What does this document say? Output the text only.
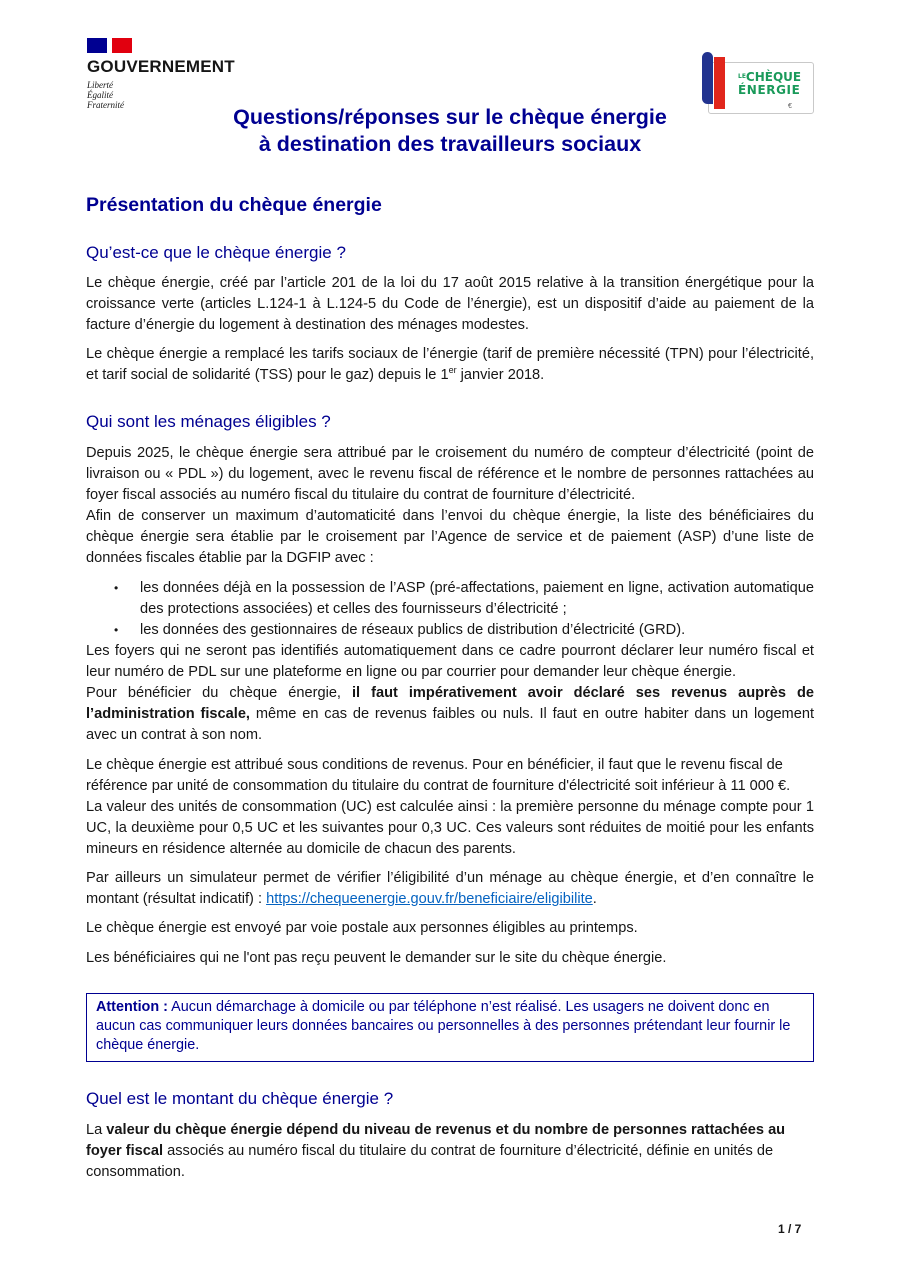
GOUVERNEMENT
Liberté
Égalité
Fraternité
LECHÈQUE
ÉNERGIE
€
Questions/réponses sur le chèque énergie
à destination des travailleurs sociaux
Présentation du chèque énergie
Qu’est-ce que le chèque énergie ?

Le chèque énergie, créé par l’article 201 de la loi du 17 août 2015 relative à la transition énergétique pour la croissance verte (articles L.124-1 à L.124-5 du Code de l’énergie), est un dispositif d’aide au paiement de la facture d’énergie du logement à destination des ménages modestes.

Le chèque énergie a remplacé les tarifs sociaux de l’énergie (tarif de première nécessité (TPN) pour l’électricité, et tarif social de solidarité (TSS) pour le gaz) depuis le 1er janvier 2018.

Qui sont les ménages éligibles ?

Depuis 2025, le chèque énergie sera attribué par le croisement du numéro de compteur d’électricité (point de livraison ou « PDL ») du logement, avec le revenu fiscal de référence et le nombre de personnes rattachées au foyer fiscal associés au numéro fiscal du titulaire du contrat de fourniture d’électricité.

Afin de conserver un maximum d’automaticité dans l’envoi du chèque énergie, la liste des bénéficiaires du chèque énergie sera établie par le croisement par l’Agence de service et de paiement (ASP) d’une liste de données fiscales établie par la DGFIP avec :

• les données déjà en la possession de l’ASP (pré-affectations, paiement en ligne, activation automatique des protections associées) et celles des fournisseurs d’électricité ;
• les données des gestionnaires de réseaux publics de distribution d’électricité (GRD).

Les foyers qui ne seront pas identifiés automatiquement dans ce cadre pourront déclarer leur numéro fiscal et leur numéro de PDL sur une plateforme en ligne ou par courrier pour demander leur chèque énergie.

Pour bénéficier du chèque énergie, il faut impérativement avoir déclaré ses revenus auprès de l’administration fiscale, même en cas de revenus faibles ou nuls. Il faut en outre habiter dans un logement avec un contrat à son nom.

Le chèque énergie est attribué sous conditions de revenus. Pour en bénéficier, il faut que le revenu fiscal de référence par unité de consommation du titulaire du contrat de fourniture d'électricité soit inférieur à 11 000 €.

La valeur des unités de consommation (UC) est calculée ainsi : la première personne du ménage compte pour 1 UC, la deuxième pour 0,5 UC et les suivantes pour 0,3 UC. Ces valeurs sont réduites de moitié pour les enfants mineurs en résidence alternée au domicile de chacun des parents.

Par ailleurs un simulateur permet de vérifier l’éligibilité d’un ménage au chèque énergie, et d’en connaître le montant (résultat indicatif) : https://chequeenergie.gouv.fr/beneficiaire/eligibilite.

Le chèque énergie est envoyé par voie postale aux personnes éligibles au printemps.

Les bénéficiaires qui ne l'ont pas reçu peuvent le demander sur le site du chèque énergie.

Attention : Aucun démarchage à domicile ou par téléphone n’est réalisé. Les usagers ne doivent donc en aucun cas communiquer leurs données bancaires ou personnelles à des personnes prétendant leur fournir le chèque énergie.

Quel est le montant du chèque énergie ?

La valeur du chèque énergie dépend du niveau de revenus et du nombre de personnes rattachées au foyer fiscal associés au numéro fiscal du titulaire du contrat de fourniture d’électricité, définie en unités de consommation.

1 / 7
